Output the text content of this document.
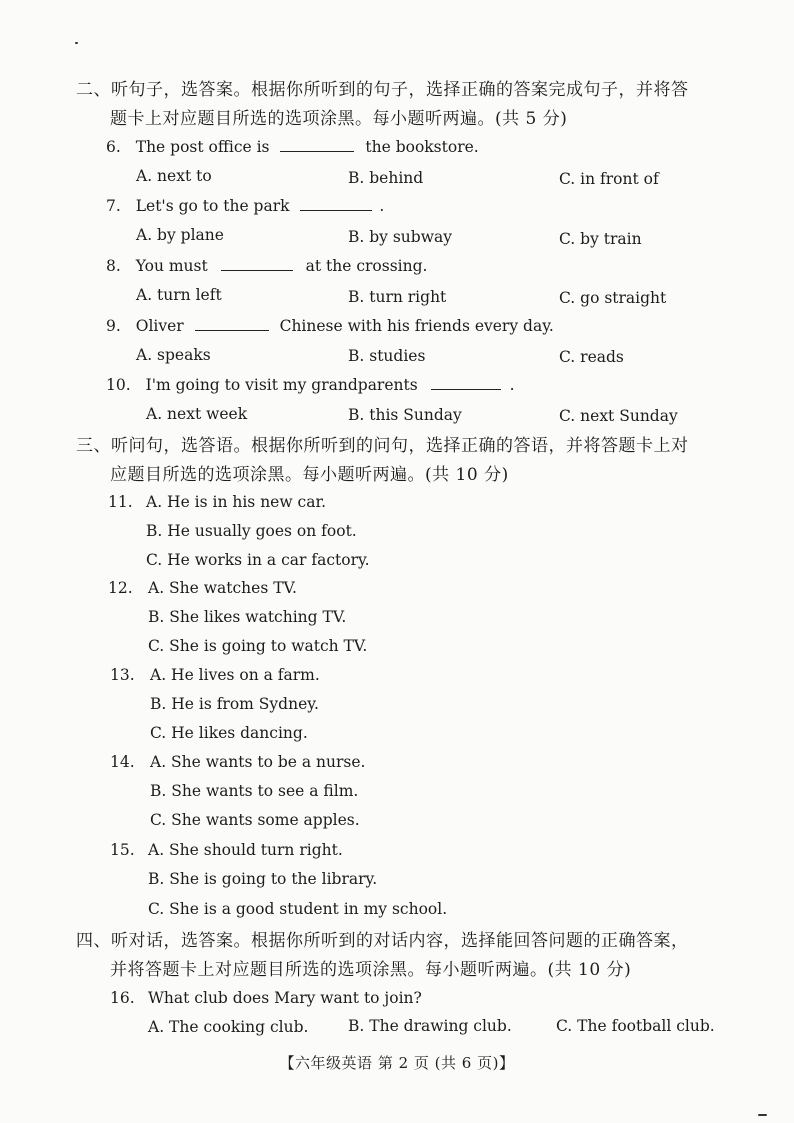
二、听句子，选答案。根据你所听到的句子，选择正确的答案完成句子，并将答
题卡上对应题目所选的选项涂黑。每小题听两遍。(共 5 分)
6. The post office is	the bookstore.
A. next to	B. behind	C. in front of
7. Let's go to the park	.
A. by plane	B. by subway	C. by train
8. You must	at the crossing.
A. turn left	B. turn right	C. go straight
9. Oliver	Chinese with his friends every day.
A. speaks	B. studies	C. reads
10. I'm going to visit my grandparents	.
A. next week	B. this Sunday	C. next Sunday
三、听问句，选答语。根据你所听到的问句，选择正确的答语，并将答题卡上对
应题目所选的选项涂黑。每小题听两遍。(共 10 分)
11. A. He is in his new car.
B. He usually goes on foot.
C. He works in a car factory.
12. A. She watches TV.
B. She likes watching TV.
C. She is going to watch TV.
13. A. He lives on a farm.
B. He is from Sydney.
C. He likes dancing.
14. A. She wants to be a nurse.
B. She wants to see a film.
C. She wants some apples.
15. A. She should turn right.
B. She is going to the library.
C. She is a good student in my school.
四、听对话，选答案。根据你所听到的对话内容，选择能回答问题的正确答案，
并将答题卡上对应题目所选的选项涂黑。每小题听两遍。(共 10 分)
16. What club does Mary want to join?
A. The cooking club.	B. The drawing club.	C. The football club.
【六年级英语 第 2 页 (共 6 页)】
